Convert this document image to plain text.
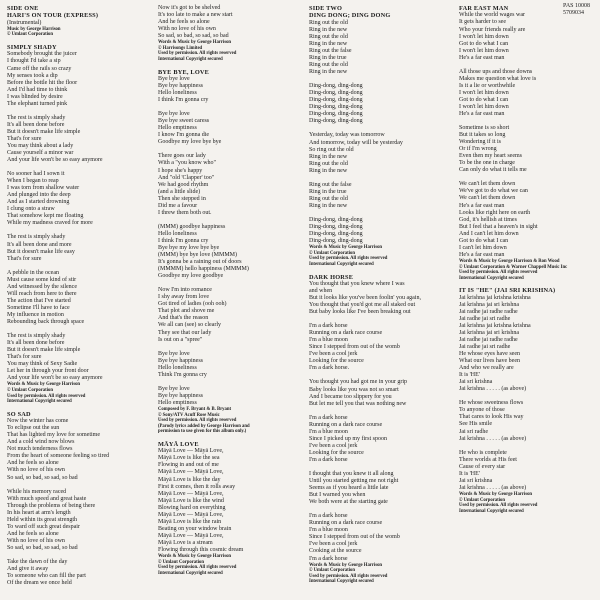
PAS 10008
5709034
SIDE ONE
HARI'S ON TOUR (EXPRESS)
(Instrumental)
Music by George Harrison
© Umlaut Corporation
SIMPLY SHADY
Somebody brought the juicer
I thought I'd take a sip
Came off the rails so crazy
My senses took a dip
Before the bottle hit the floor
And I'd had time to think
I was blinded by desire
The elephant turned pink
The rest is simply shady
It's all been done before
But it doesn't make life simple
That's for sure
You may think about a lady
Cause yourself a minor war
And your life won't be so easy anymore
No sooner had I sown it
When I began to reap
I was torn from shallow water
And plunged into the deep
And as I started drowning
I clung onto a straw
That somehow kept me floating
While my madness craved for more
The rest is simply shady
It's all been done and more
But it doesn't make life easy
That's for sure
A pebble in the ocean
Must cause some kind of stir
And witnessed by the silence
Will reach from here to there
The action that I've started
Sometime I'll have to face
My influence in motion
Rebounding back through space
The rest is simply shady
It's all been done before
But it doesn't make life simple
That's for sure
You may think of Sexy Sadie
Let her in through your front door
And your life won't be so easy anymore
Words & Music by George Harrison
© Umlaut Corporation
Used by permission. All rights reserved
International Copyright secured
SO SAD
Now the winter has come
To eclipse out the sun
That has lighted my love for sometime
And a cold wind now blows
Not much tenderness flows
From the heart of someone feeling so tired
And he feels so alone
With no love of his own
So sad, so bad, so sad, so bad
While his memory raced
With much speed and great haste
Through the problems of being there
In his heart at arm's length
Held within its great strength
To ward off such great despair
And he feels so alone
With no love of his own
So sad, so bad, so sad, so bad
Take the dawn of the day
And give it away
To someone who can fill the part
Of the dream we once held
Now it's got to be shelved
It's too late to make a new start
And he feels so alone
With no love of his own
So sad, so bad, so sad, so bad
Words & Music by George Harrison
© Harrisongs Limited
Used by permission. All rights reserved
International Copyright secured
BYE BYE, LOVE
Bye bye love
Bye bye happiness
Hello loneliness
I think I'm gonna cry
Bye bye love
Bye bye sweet caress
Hello emptiness
I know I'm gonna die
Goodbye my love bye bye
There goes our lady
With a "you know who"
I hope she's happy
And "old 'Clapper' too"
We had good rhythm
(and a little slide)
Then she stepped in
Did me a favour
I threw them both out.
(MMM) goodbye happiness
Hello loneliness
I think I'm gonna cry
Bye bye my love bye bye
(MMM) bye bye love (MMMM)
It's gonna be a raining out of doors
(MMMM) hello happiness (MMMM)
Goodbye my love goodbye
Now I'm into romance
I shy away from love
Got tired of ladies (ooh ooh)
That plot and shove me
And that's the reason
We all can (see) so clearly
They see that our lady
Is out on a "spree"
Bye bye love
Bye bye happiness
Hello loneliness
Think I'm gonna cry
Bye bye love
Bye bye happiness
Hello emptiness
Composed by F. Bryant & B. Bryant
© Sony/ATV Acuff Rose Music
Used by permission. All rights reserved
(Parody lyrics added by George Harrison and
permission to use given for this album only.)
MĀYĀ LOVE
Māyā Love — Māyā Love,
Māyā Love is like the sea
Flowing in and out of me
Māyā Love — Māyā Love,
Māyā Love is like the day
First it comes, then it rolls away
Māyā Love — Māyā Love,
Māyā Love is like the wind
Blowing hard on everything
Māyā Love — Māyā Love,
Māyā Love is like the rain
Beating on your window brain
Māyā Love — Māyā Love,
Māyā Love is a stream
Flowing through this cosmic dream
Words & Music by George Harrison
© Umlaut Corporation
Used by permission. All rights reserved
International Copyright secured
SIDE TWO
DING DONG; DING DONG
Ring out the old
Ring in the new
Ring out the old
Ring in the new
Ring out the false
Ring in the true
Ring out the old
Ring in the new
Ding-dong, ding-dong
Ding-dong, ding-dong
Ding-dong, ding-dong
Ding-dong, ding-dong
Ding-dong, ding-dong
Ding-dong, ding-dong
Yesterday, today was tomorrow
And tomorrow, today will be yesterday
So ring out the old
Ring in the new
Ring out the old
Ring in the new
Ring out the false
Ring in the true
Ring out the old
Ring in the new
Ding-dong, ding-dong
Ding-dong, ding-dong
Ding-dong, ding-dong
Ding-dong, ding-dong
Words & Music by George Harrison
© Umlaut Corporation
Used by permission. All rights reserved
International Copyright secured
DARK HORSE
You thought that you knew where I was
and when
But it looks like you've been foolin' you again,
You thought that you'd got me all staked out
But baby looks like I've been breaking out
I'm a dark horse
Running on a dark race course
I'm a blue moon
Since I stepped from out of the womb
I've been a cool jerk
Looking for the source
I'm a dark horse.
You thought you had got me in your grip
Baby looks like you was not so smart
And I became too slippery for you
But let me tell you that was nothing new
I'm a dark horse
Running on a dark race course
I'm a blue moon
Since I picked up my first spoon
I've been a cool jerk
Looking for the source
I'm a dark horse
I thought that you knew it all along
Until you started getting me not right
Seems as if you heard a little late
But I warned you when
We both were at the starting gate
I'm a dark horse
Running on a dark race course
I'm a blue moon
Since I stepped from out of the womb
I've been a cool jerk
Cooking at the source
I'm a dark horse
Words & Music by George Harrison
© Umlaut Corporation
Used by permission. All rights reserved
International Copyright secured
FAR EAST MAN
While the world wages war
It gets harder to see
Who your friends really are
I won't let him down
Got to do what I can
I won't let him down
He's a far east man
All those ups and those downs
Makes me question what love is
Is it a lie or worthwhile
I won't let him down
Got to do what I can
I won't let him down
He's a far east man
Sometime is so short
But it takes so long
Wondering if it is
Or if I'm wrong
Even then my heart seems
To be the one in charge
Can only do what it tells me
We can't let them down
We've got to do what we can
We can't let them down
He's a far east man
Looks like right here on earth
God, it's hellish at times
But I feel that a heaven's in sight
And I can't let him down
Got to do what I can
I can't let him down
He's a far east man
Words & Music by George Harrison & Ron Wood
© Umlaut Corporation & Warner Chappell Music Inc
Used by permission. All rights reserved
International Copyright secured
IT IS "HE" (JAI SRI KRISHNA)
Jai krishna jai krishna krishna
Jai krishna jai sri krishna
Jai radhe jai radhe radhe
Jai radhe jai sri radhe
Jai krishna jai krishna krishna
Jai krishna jai sri krishna
Jai radhe jai radhe radhe
Jai radhe jai sri radhe
He whose eyes have seen
What our lives have been
And who we really are
It is 'HE'
Jai sri krishna
Jai krishna . . . . . (as above)
He whose sweetness flows
To anyone of those
That cares to look His way
See His smile
Jai sri radhe
Jai krishna . . . . . (as above)
He who is complete
There worlds at His feet
Cause of every star
It is 'HE'
Jai sri krishna
Jai krishna . . . . . (as above)
Words & Music by George Harrison
© Umlaut Corporation
Used by permission. All rights reserved
International Copyright secured
